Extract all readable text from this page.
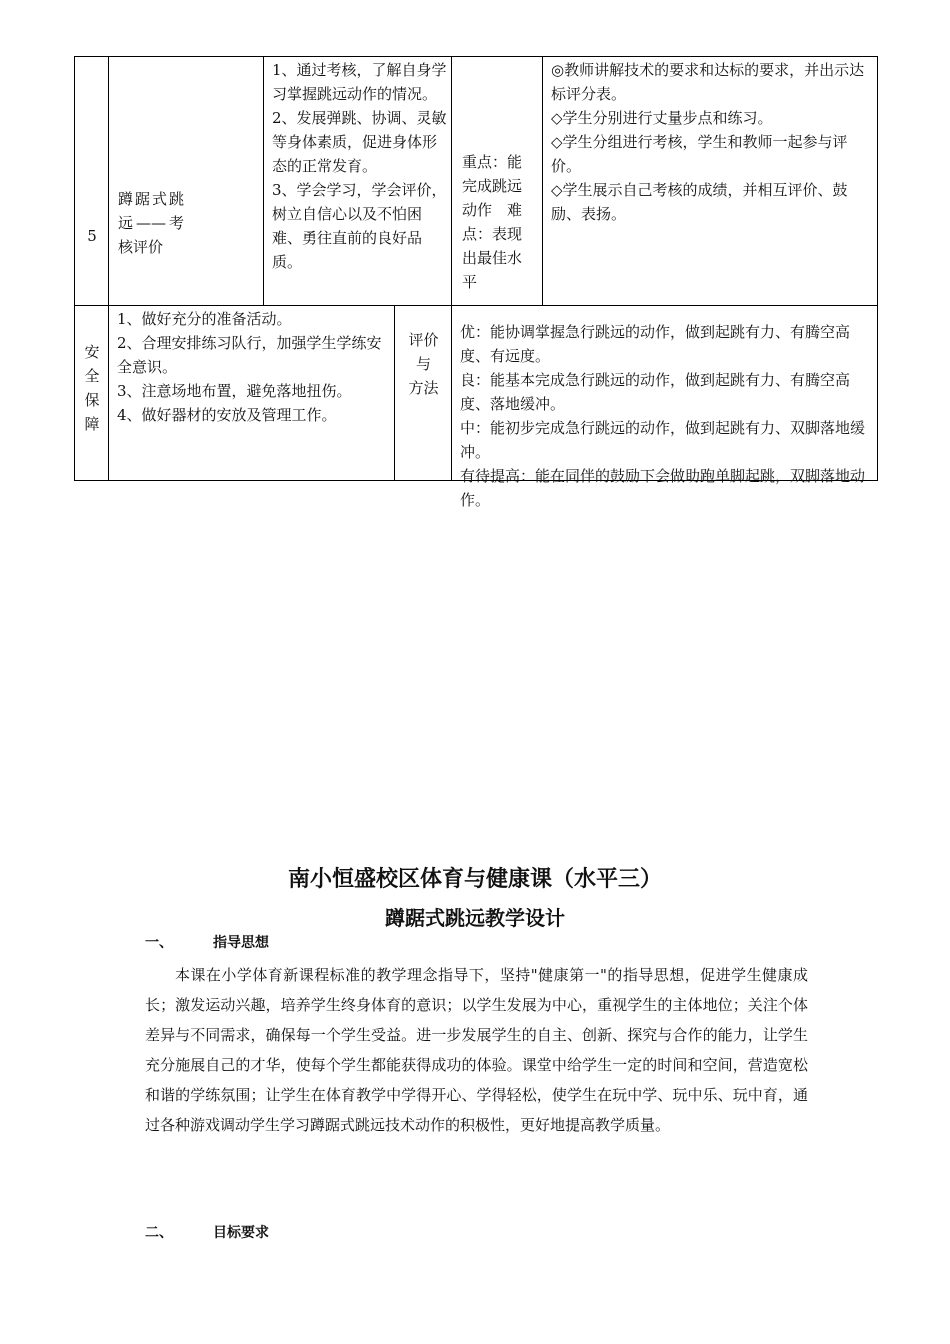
5
蹲踞式跳远——考核评价

1、通过考核，了解自身学习掌握跳远动作的情况。

2、发展弹跳、协调、灵敏等身体素质，促进身体形态的正常发育。

3、学会学习，学会评价，树立自信心以及不怕困难、勇往直前的良好品质。

重点：能完成跳远动作　难点：表现出最佳水平

◎教师讲解技术的要求和达标的要求，并出示达标评分表。

◇学生分别进行丈量步点和练习。

◇学生分组进行考核，学生和教师一起参与评价。

◇学生展示自己考核的成绩，并相互评价、鼓励、表扬。

安
全
保
障

1、做好充分的准备活动。

2、合理安排练习队行，加强学生学练安全意识。

3、注意场地布置，避免落地扭伤。

4、做好器材的安放及管理工作。

评价
与
方法

优：能协调掌握急行跳远的动作，做到起跳有力、有腾空高度、有远度。

良：能基本完成急行跳远的动作，做到起跳有力、有腾空高度、落地缓冲。

中：能初步完成急行跳远的动作，做到起跳有力、双脚落地缓冲。

有待提高：能在同伴的鼓励下会做助跑单脚起跳，双脚落地动作。

南小恒盛校区体育与健康课（水平三）
蹲踞式跳远教学设计
一、	指导思想

本课在小学体育新课程标准的教学理念指导下，坚持"健康第一"的指导思想，促进学生健康成长；激发运动兴趣，培养学生终身体育的意识；以学生发展为中心，重视学生的主体地位；关注个体差异与不同需求，确保每一个学生受益。进一步发展学生的自主、创新、探究与合作的能力，让学生充分施展自己的才华，使每个学生都能获得成功的体验。课堂中给学生一定的时间和空间，营造宽松和谐的学练氛围；让学生在体育教学中学得开心、学得轻松，使学生在玩中学、玩中乐、玩中育，通过各种游戏调动学生学习蹲踞式跳远技术动作的积极性，更好地提高教学质量。

二、	目标要求
